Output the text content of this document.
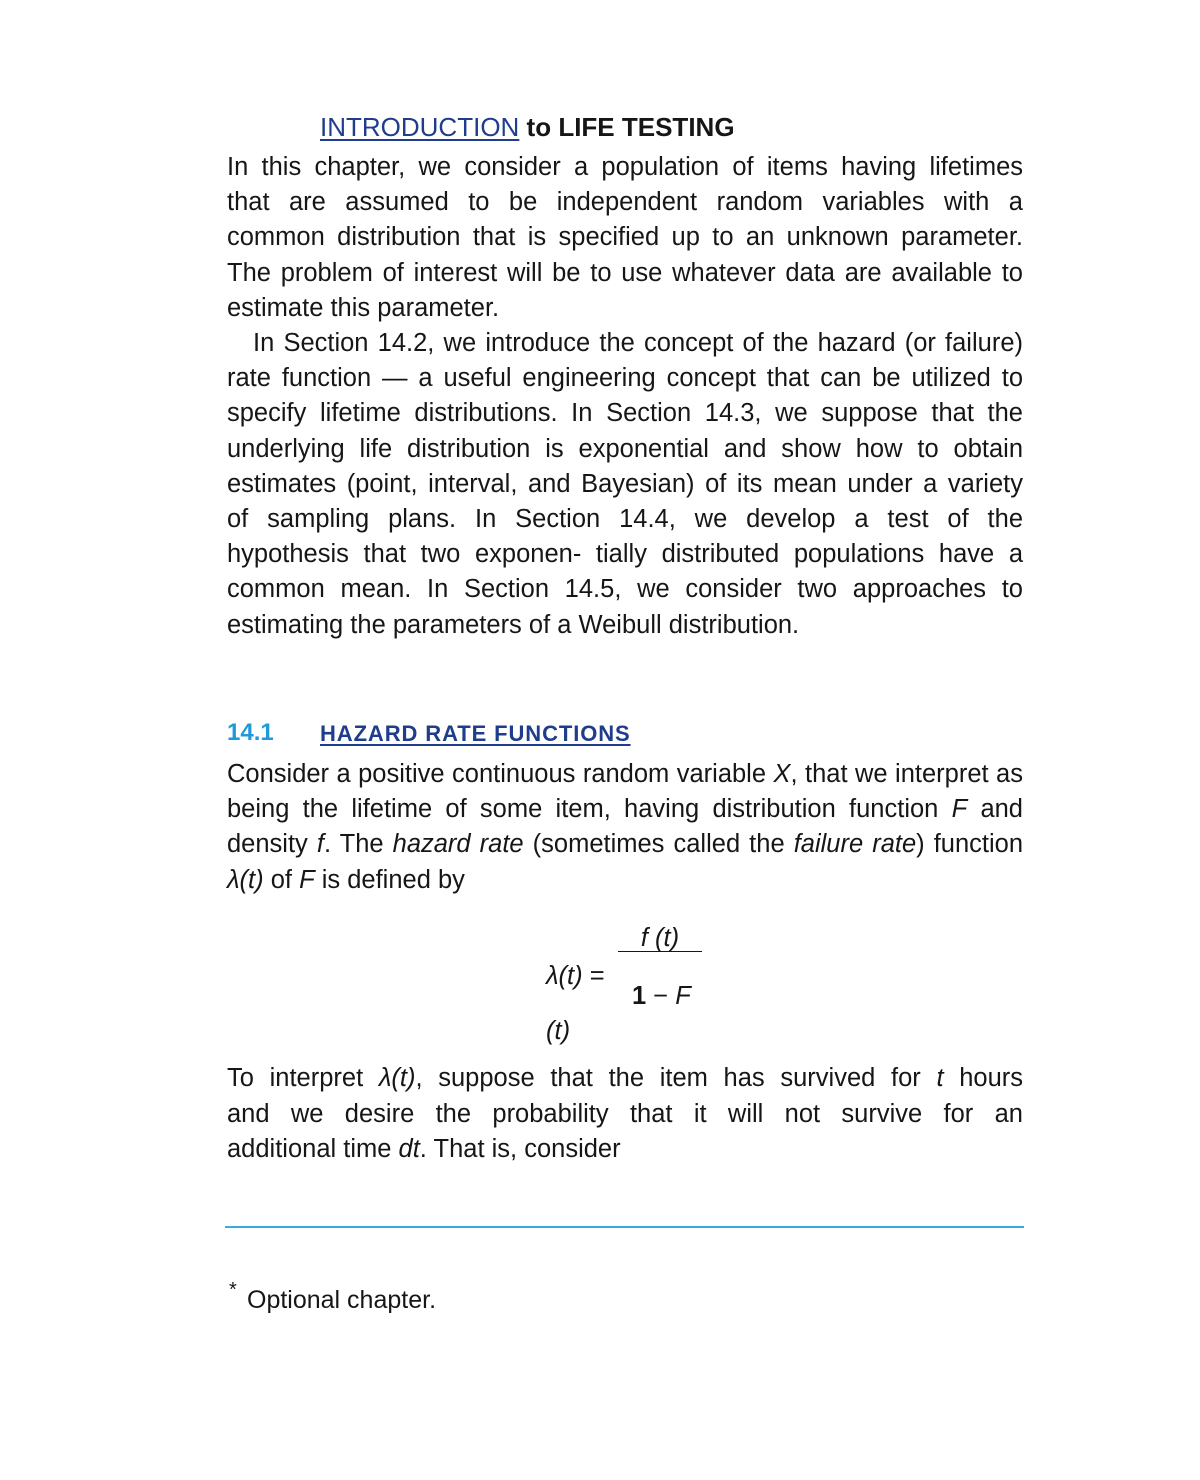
INTRODUCTION to LIFE TESTING
In this chapter, we consider a population of items having lifetimes
that are assumed to be independent random variables with a
common distribution that is specified up to an unknown parameter.
The problem of interest will be to use whatever data are available to
estimate this parameter.
In Section 14.2, we introduce the concept of the hazard (or failure)
rate function — a useful engineering concept that can be utilized to
specify lifetime distributions. In Section 14.3, we suppose that the
underlying life distribution is exponential and show how to obtain
estimates (point, interval, and Bayesian) of its mean under a variety
of sampling plans. In Section 14.4, we develop a test of the
hypothesis that two exponen- tially distributed populations have a
common mean. In Section 14.5, we consider two approaches to
estimating the parameters of a Weibull distribution.
14.1 HAZARD RATE FUNCTIONS
Consider a positive continuous random variable X, that we interpret as
being the lifetime of some item, having distribution function F and
density f. The hazard rate (sometimes called the failure rate) function
λ(t) of F is defined by
f (t)
λ(t) =
1 − F
(t)
To interpret λ(t), suppose that the item has survived for t hours
and we desire the probability that it will not survive for an
additional time dt. That is, consider
* Optional chapter.
